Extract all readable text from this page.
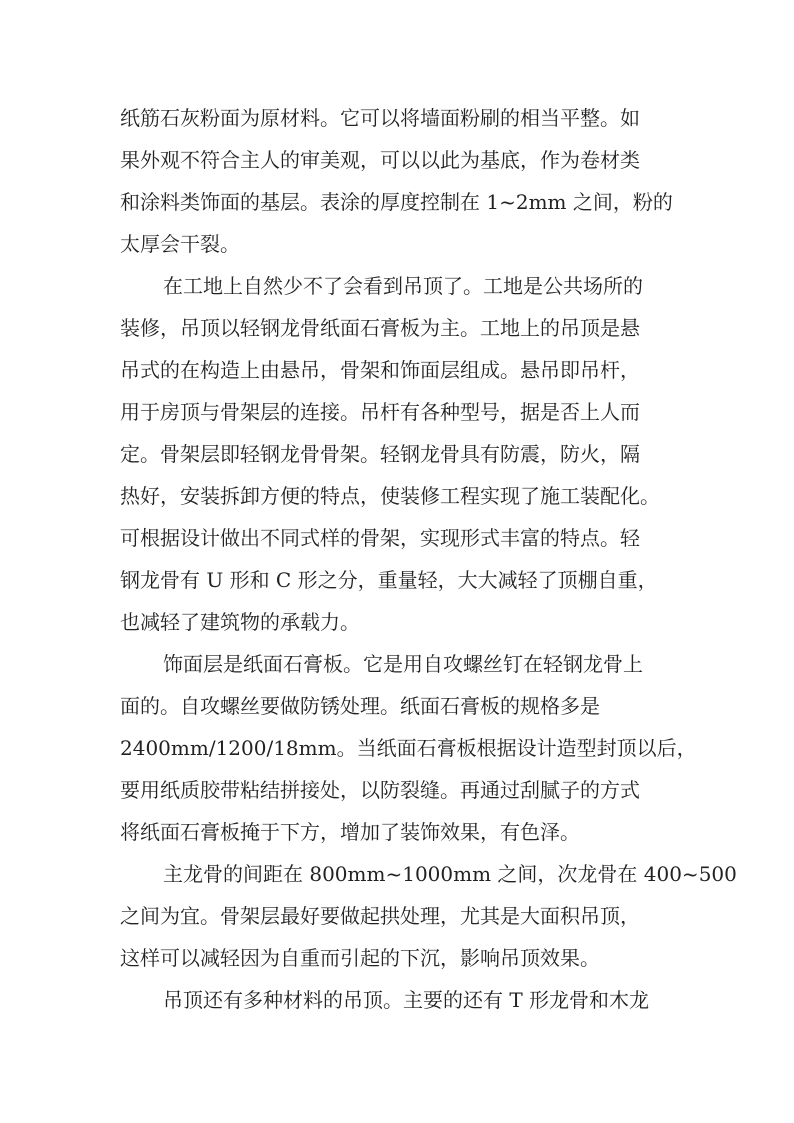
纸筋石灰粉面为原材料。它可以将墙面粉刷的相当平整。如
果外观不符合主人的审美观，可以以此为基底，作为卷材类
和涂料类饰面的基层。表涂的厚度控制在 1~2mm 之间，粉的
太厚会干裂。
在工地上自然少不了会看到吊顶了。工地是公共场所的
装修，吊顶以轻钢龙骨纸面石膏板为主。工地上的吊顶是悬
吊式的在构造上由悬吊，骨架和饰面层组成。悬吊即吊杆，
用于房顶与骨架层的连接。吊杆有各种型号，据是否上人而
定。骨架层即轻钢龙骨骨架。轻钢龙骨具有防震，防火，隔
热好，安装拆卸方便的特点，使装修工程实现了施工装配化。
可根据设计做出不同式样的骨架，实现形式丰富的特点。轻
钢龙骨有 U 形和 C 形之分，重量轻，大大减轻了顶棚自重，
也减轻了建筑物的承载力。
饰面层是纸面石膏板。它是用自攻螺丝钉在轻钢龙骨上
面的。自攻螺丝要做防锈处理。纸面石膏板的规格多是
2400mm/1200/18mm。当纸面石膏板根据设计造型封顶以后，
要用纸质胶带粘结拼接处，以防裂缝。再通过刮腻子的方式
将纸面石膏板掩于下方，增加了装饰效果，有色泽。
主龙骨的间距在 800mm~1000mm 之间，次龙骨在 400~500
之间为宜。骨架层最好要做起拱处理，尤其是大面积吊顶，
这样可以减轻因为自重而引起的下沉，影响吊顶效果。
吊顶还有多种材料的吊顶。主要的还有 T 形龙骨和木龙
